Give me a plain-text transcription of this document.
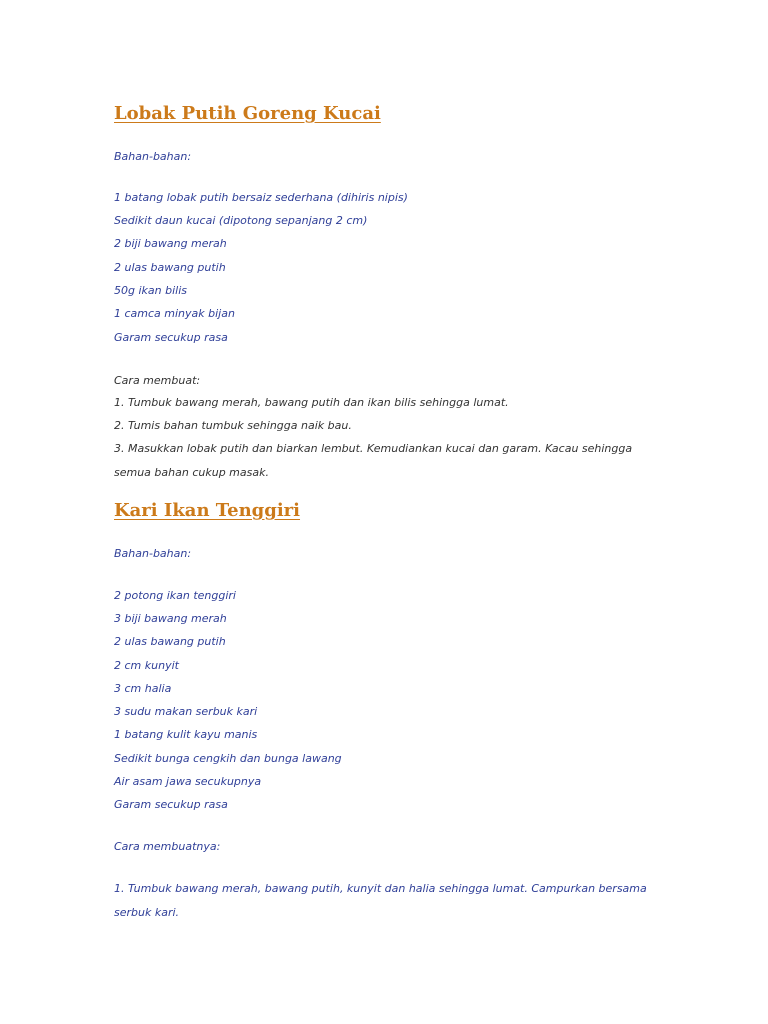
Lobak Putih Goreng Kucai

Bahan-bahan:

1 batang lobak putih bersaiz sederhana (dihiris nipis)

Sedikit daun kucai (dipotong sepanjang 2 cm)

2 biji bawang merah

2 ulas bawang putih

50g ikan bilis

1 camca minyak bijan

Garam secukup rasa

Cara membuat:

1. Tumbuk bawang merah, bawang putih dan ikan bilis sehingga lumat.

2. Tumis bahan tumbuk sehingga naik bau.

3. Masukkan lobak putih dan biarkan lembut. Kemudiankan kucai dan garam. Kacau sehingga

semua bahan cukup masak.

Kari Ikan Tenggiri

Bahan-bahan:

2 potong ikan tenggiri

3 biji bawang merah

2 ulas bawang putih

2 cm kunyit

3 cm halia

3 sudu makan serbuk kari

1 batang kulit kayu manis

Sedikit bunga cengkih dan bunga lawang

Air asam jawa secukupnya

Garam secukup rasa

Cara membuatnya:

1. Tumbuk bawang merah, bawang putih, kunyit dan halia sehingga lumat. Campurkan bersama

serbuk kari.
